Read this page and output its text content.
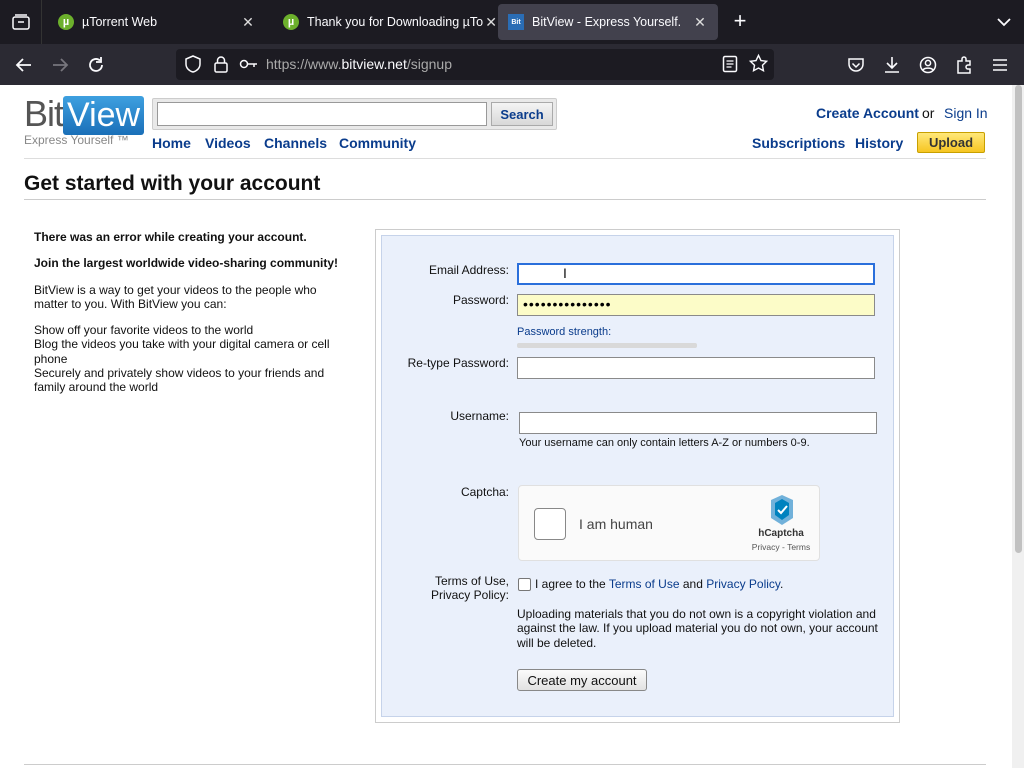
µ	µTorrent Web	✕	µ	Thank you for Downloading µTo ✕	Bit BitView - Express Yourself. ✕ +
https://www.bitview.net/signup
Bit View
Express Yourself ™
Search
Home Videos Channels Community
Create Account or Sign In
Subscriptions History	Upload
Get started with your account

There was an error while creating your account.

Join the largest worldwide video-sharing community!

BitView is a way to get your videos to the people who matter to you. With BitView you can:

Show off your favorite videos to the world
Blog the videos you take with your digital camera or cell phone
Securely and privately show videos to your friends and family around the world
Email Address:	I
Password:	•••••••••••••••
Password strength:
Re-type Password:
Username:
Your username can only contain letters A-Z or numbers 0-9.
Captcha:
I am human
hCaptcha
Privacy - Terms
Terms of Use,
Privacy Policy:
I agree to the Terms of Use and Privacy Policy.
Uploading materials that you do not own is a copyright violation and against the law. If you upload material you do not own, your account will be deleted.
Create my account
